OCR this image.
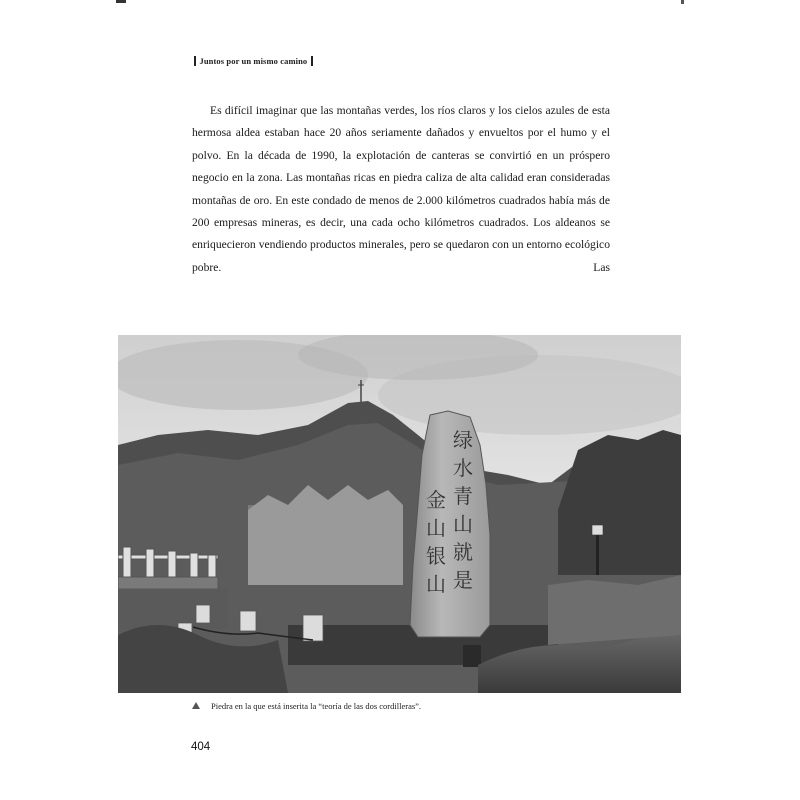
Juntos por un mismo camino

Es difícil imaginar que las montañas verdes, los ríos claros y los cielos azules de esta hermosa aldea estaban hace 20 años seriamente dañados y envueltos por el humo y el polvo. En la década de 1990, la explotación de canteras se convirtió en un próspero negocio en la zona. Las montañas ricas en piedra caliza de alta calidad eran consideradas montañas de oro. En este condado de menos de 2.000 kilómetros cuadrados había más de 200 empresas mineras, es decir, una cada ocho kilómetros cuadrados. Los aldeanos se enriquecieron vendiendo productos minerales, pero se quedaron con un entorno ecológico pobre. Las

绿
水
青
山
就
是
金
山
银
山
Piedra en la que está inserita la “teoría de las dos cordilleras”.
404
